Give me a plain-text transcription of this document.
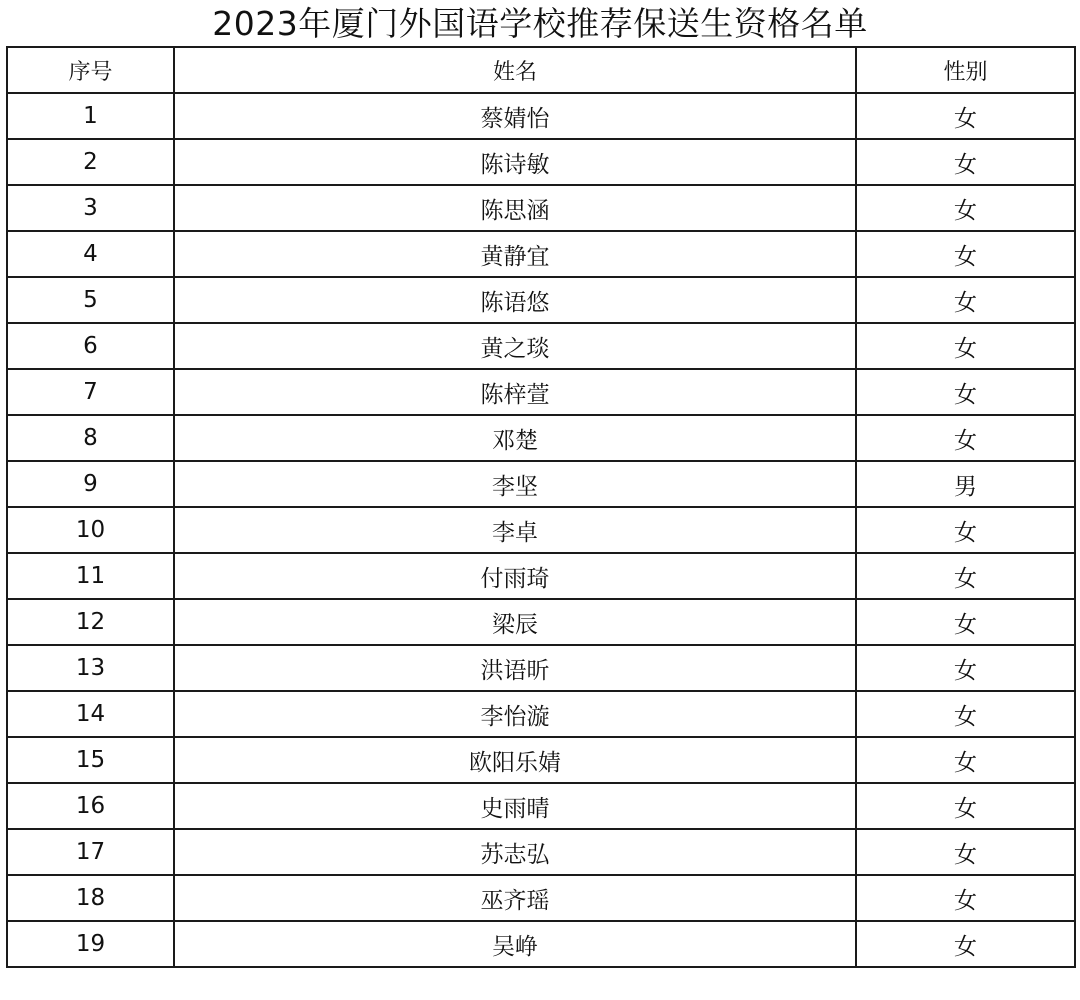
2023年厦门外国语学校推荐保送生资格名单
序号	姓名	性别
1	蔡婧怡	女
2	陈诗敏	女
3	陈思涵	女
4	黄静宜	女
5	陈语悠	女
6	黄之琰	女
7	陈梓萱	女
8	邓楚	女
9	李坚	男
10	李卓	女
11	付雨琦	女
12	梁辰	女
13	洪语昕	女
14	李怡漩	女
15	欧阳乐婧	女
16	史雨晴	女
17	苏志弘	女
18	巫齐瑶	女
19	吴峥	女
